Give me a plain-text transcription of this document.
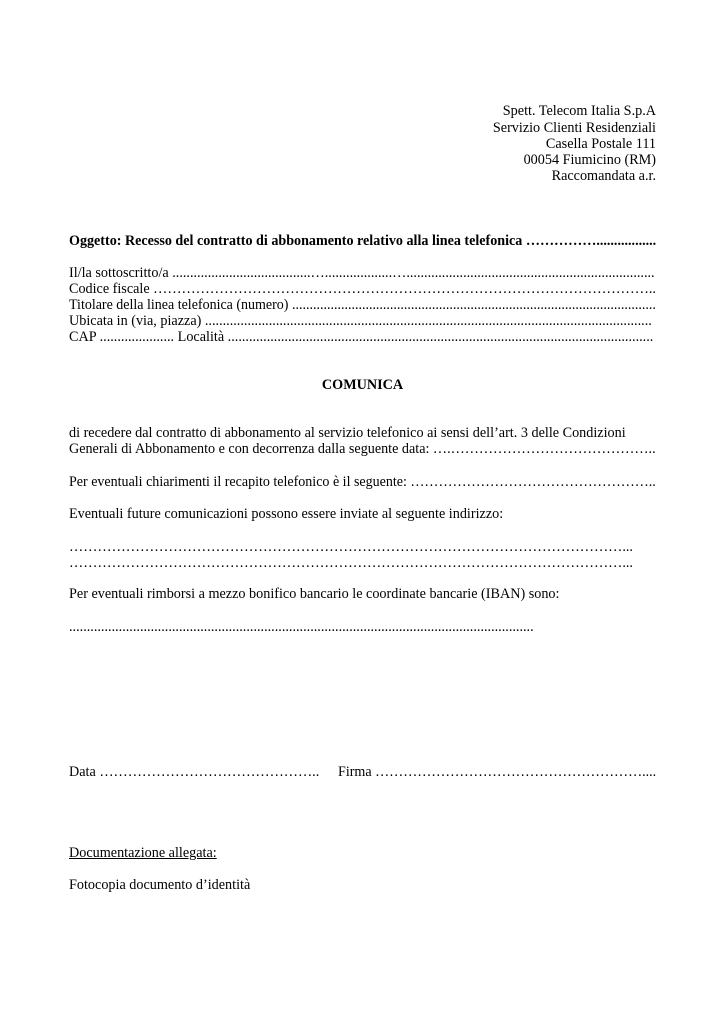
Spett. Telecom Italia S.p.A
Servizio Clienti Residenziali
Casella Postale 111
00054 Fiumicino (RM)
Raccomandata a.r.
Oggetto: Recesso del contratto di abbonamento relativo alla linea telefonica …………….................
Il/la sottoscritto/a .......................................…...................…......................................................................
Codice fiscale ……………………………………………………………………………………………..
Titolare della linea telefonica (numero) ........................................................................................................
Ubicata in (via, piazza) ..............................................................................................................................
CAP ..................... Località ........................................................................................................................
COMUNICA
di recedere dal contratto di abbonamento al servizio telefonico ai sensi dell’art. 3 delle Condizioni
Generali di Abbonamento e con decorrenza dalla seguente data: ….……………………………………..
Per eventuali chiarimenti il recapito telefonico è il seguente: ……………………………………………..
Eventuali future comunicazioni possono essere inviate al seguente indirizzo:
………………………………………………………………………………………………………...
………………………………………………………………………………………………………...
Per eventuali rimborsi a mezzo bonifico bancario le coordinate bancarie (IBAN) sono:
...................................................................................................................................
Data ……………………………………….. Firma …………………………………………………....
Documentazione allegata:
Fotocopia documento d’identità
